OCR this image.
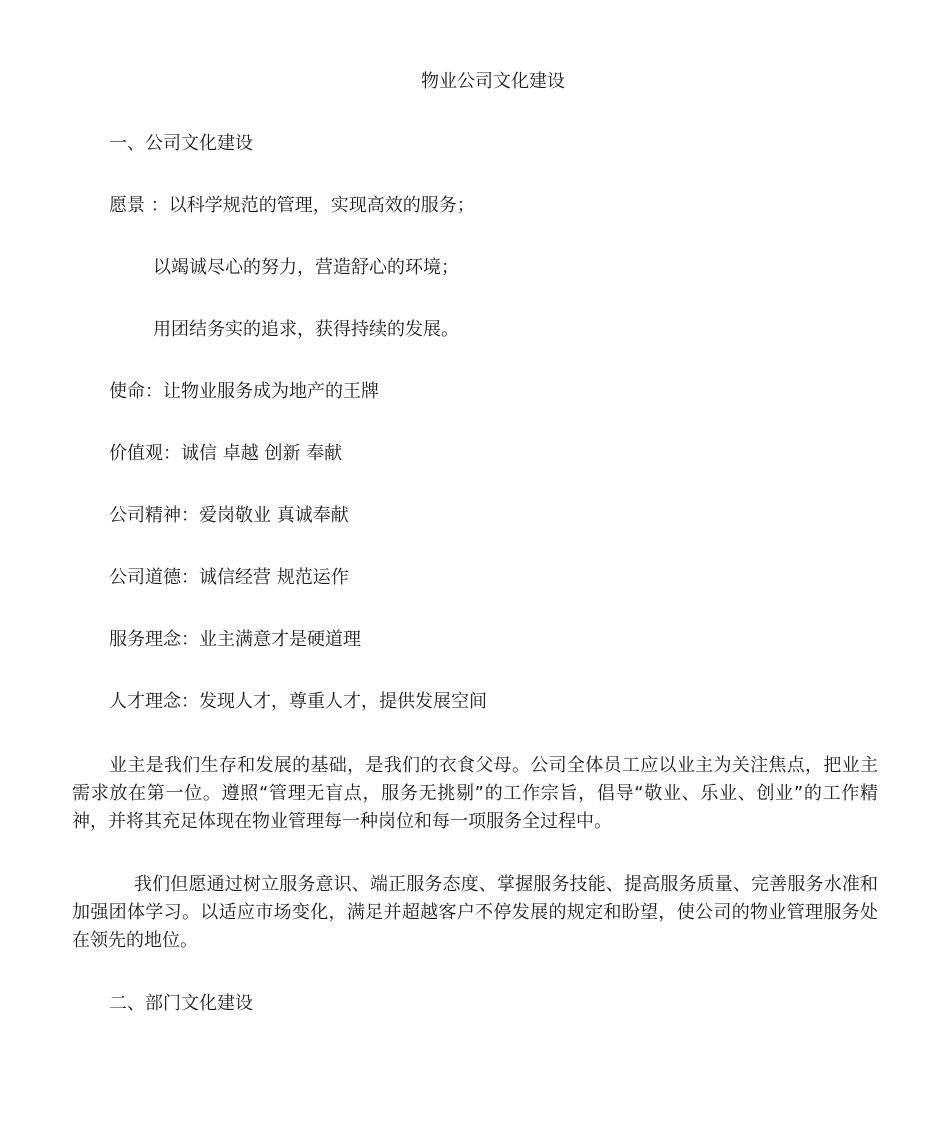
物业公司文化建设

一、公司文化建设

愿景 ：以科学规范的管理，实现高效的服务；

以竭诚尽心的努力，营造舒心的环境；

用团结务实的追求，获得持续的发展。

使命：让物业服务成为地产的王牌

价值观：诚信 卓越 创新 奉献

公司精神：爱岗敬业 真诚奉献

公司道德：诚信经营 规范运作

服务理念：业主满意才是硬道理

人才理念：发现人才，尊重人才，提供发展空间

业主是我们生存和发展的基础，是我们的衣食父母。公司全体员工应以业主为关注焦点，把业主需求放在第一位。遵照“管理无盲点，服务无挑剔”的工作宗旨，倡导“敬业、乐业、创业”的工作精神，并将其充足体现在物业管理每一种岗位和每一项服务全过程中。

我们但愿通过树立服务意识、端正服务态度、掌握服务技能、提高服务质量、完善服务水准和加强团体学习。以适应市场变化，满足并超越客户不停发展的规定和盼望，使公司的物业管理服务处在领先的地位。

二、部门文化建设
